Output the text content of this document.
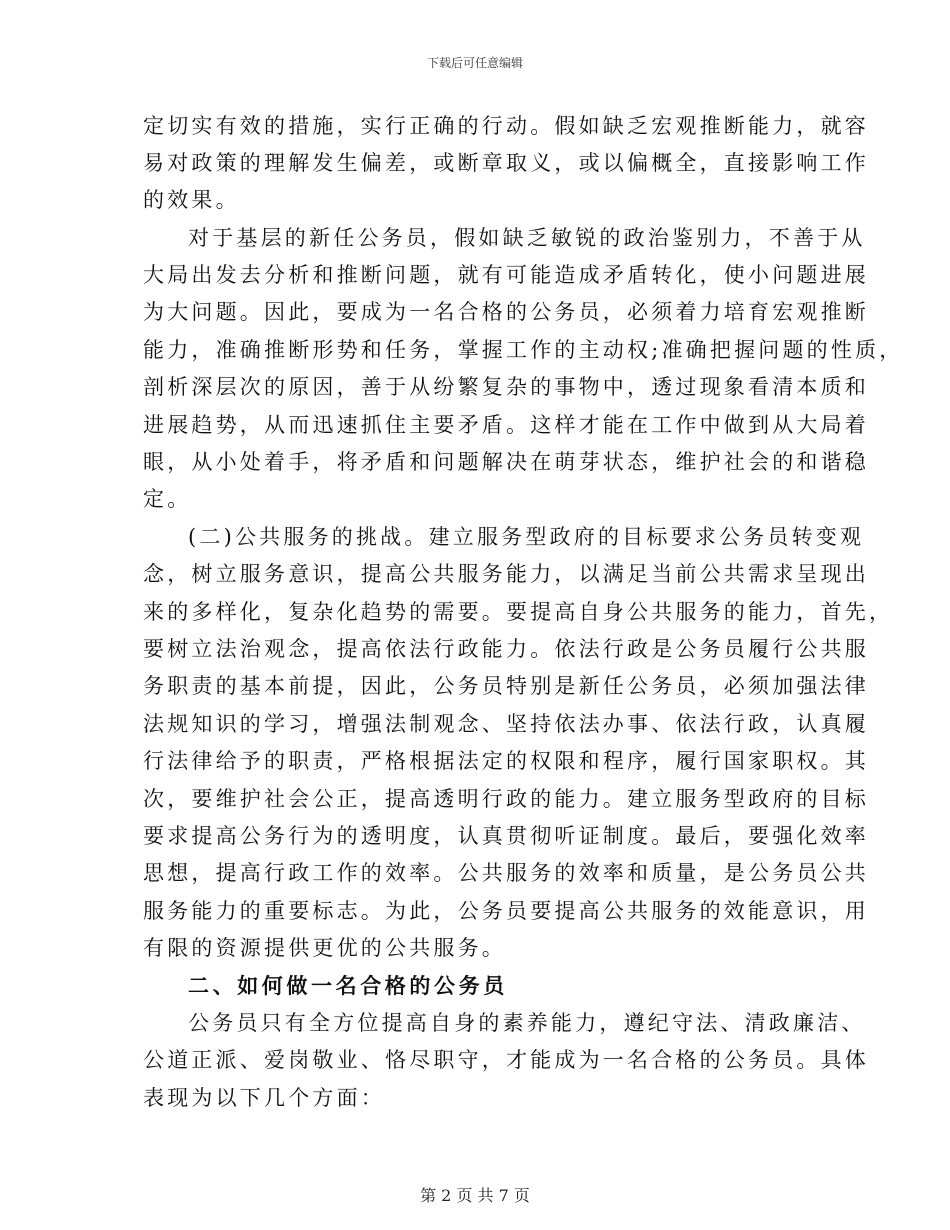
下载后可任意编辑
定切实有效的措施，实行正确的行动。假如缺乏宏观推断能力，就容
易对政策的理解发生偏差，或断章取义，或以偏概全，直接影响工作
的效果。
对于基层的新任公务员，假如缺乏敏锐的政治鉴别力，不善于从
大局出发去分析和推断问题，就有可能造成矛盾转化，使小问题进展
为大问题。因此，要成为一名合格的公务员，必须着力培育宏观推断
能力，准确推断形势和任务，掌握工作的主动权;准确把握问题的性质，
剖析深层次的原因，善于从纷繁复杂的事物中，透过现象看清本质和
进展趋势，从而迅速抓住主要矛盾。这样才能在工作中做到从大局着
眼，从小处着手，将矛盾和问题解决在萌芽状态，维护社会的和谐稳
定。
(二)公共服务的挑战。建立服务型政府的目标要求公务员转变观
念，树立服务意识，提高公共服务能力，以满足当前公共需求呈现出
来的多样化，复杂化趋势的需要。要提高自身公共服务的能力，首先，
要树立法治观念，提高依法行政能力。依法行政是公务员履行公共服
务职责的基本前提，因此，公务员特别是新任公务员，必须加强法律
法规知识的学习，增强法制观念、坚持依法办事、依法行政，认真履
行法律给予的职责，严格根据法定的权限和程序，履行国家职权。其
次，要维护社会公正，提高透明行政的能力。建立服务型政府的目标
要求提高公务行为的透明度，认真贯彻听证制度。最后，要强化效率
思想，提高行政工作的效率。公共服务的效率和质量，是公务员公共
服务能力的重要标志。为此，公务员要提高公共服务的效能意识，用
有限的资源提供更优的公共服务。
二、如何做一名合格的公务员
公务员只有全方位提高自身的素养能力，遵纪守法、清政廉洁、
公道正派、爱岗敬业、恪尽职守，才能成为一名合格的公务员。具体
表现为以下几个方面：
第 2 页 共 7 页
